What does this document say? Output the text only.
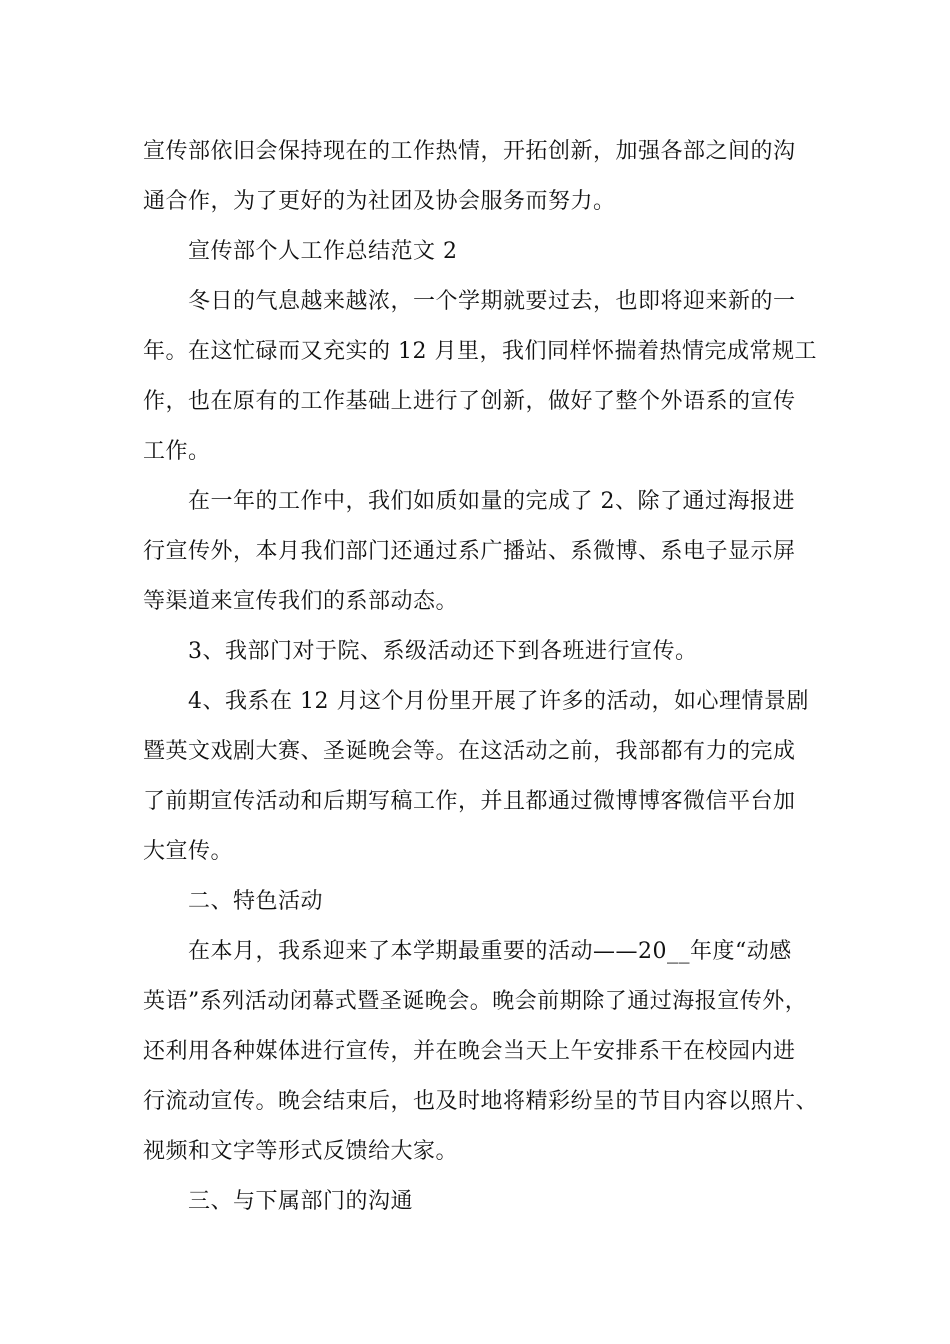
宣传部依旧会保持现在的工作热情，开拓创新，加强各部之间的沟
通合作，为了更好的为社团及协会服务而努力。
宣传部个人工作总结范文 2
冬日的气息越来越浓，一个学期就要过去，也即将迎来新的一
年。在这忙碌而又充实的 12 月里，我们同样怀揣着热情完成常规工
作，也在原有的工作基础上进行了创新，做好了整个外语系的宣传
工作。
在一年的工作中，我们如质如量的完成了 2、除了通过海报进
行宣传外，本月我们部门还通过系广播站、系微博、系电子显示屏
等渠道来宣传我们的系部动态。
3、我部门对于院、系级活动还下到各班进行宣传。
4、我系在 12 月这个月份里开展了许多的活动，如心理情景剧
暨英文戏剧大赛、圣诞晚会等。在这活动之前，我部都有力的完成
了前期宣传活动和后期写稿工作，并且都通过微博博客微信平台加
大宣传。
二、特色活动
在本月，我系迎来了本学期最重要的活动——20__年度“动感
英语”系列活动闭幕式暨圣诞晚会。晚会前期除了通过海报宣传外，
还利用各种媒体进行宣传，并在晚会当天上午安排系干在校园内进
行流动宣传。晚会结束后，也及时地将精彩纷呈的节目内容以照片、
视频和文字等形式反馈给大家。
三、与下属部门的沟通
